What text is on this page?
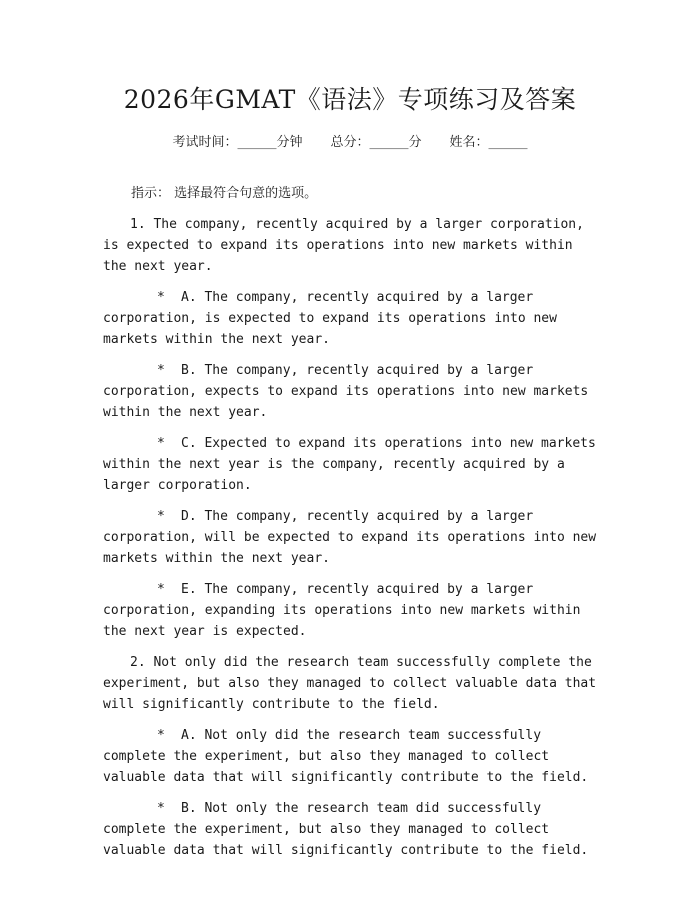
2026年GMAT《语法》专项练习及答案
考试时间：______分钟 总分：______分 姓名：______

指示： 选择最符合句意的选项。

1. The company, recently acquired by a larger corporation, is expected to expand its operations into new markets within the next year.

* A. The company, recently acquired by a larger corporation, is expected to expand its operations into new markets within the next year.

* B. The company, recently acquired by a larger corporation, expects to expand its operations into new markets within the next year.

* C. Expected to expand its operations into new markets within the next year is the company, recently acquired by a larger corporation.

* D. The company, recently acquired by a larger corporation, will be expected to expand its operations into new markets within the next year.

* E. The company, recently acquired by a larger corporation, expanding its operations into new markets within the next year is expected.

2. Not only did the research team successfully complete the experiment, but also they managed to collect valuable data that will significantly contribute to the field.

* A. Not only did the research team successfully complete the experiment, but also they managed to collect valuable data that will significantly contribute to the field.

* B. Not only the research team did successfully complete the experiment, but also they managed to collect valuable data that will significantly contribute to the field.
